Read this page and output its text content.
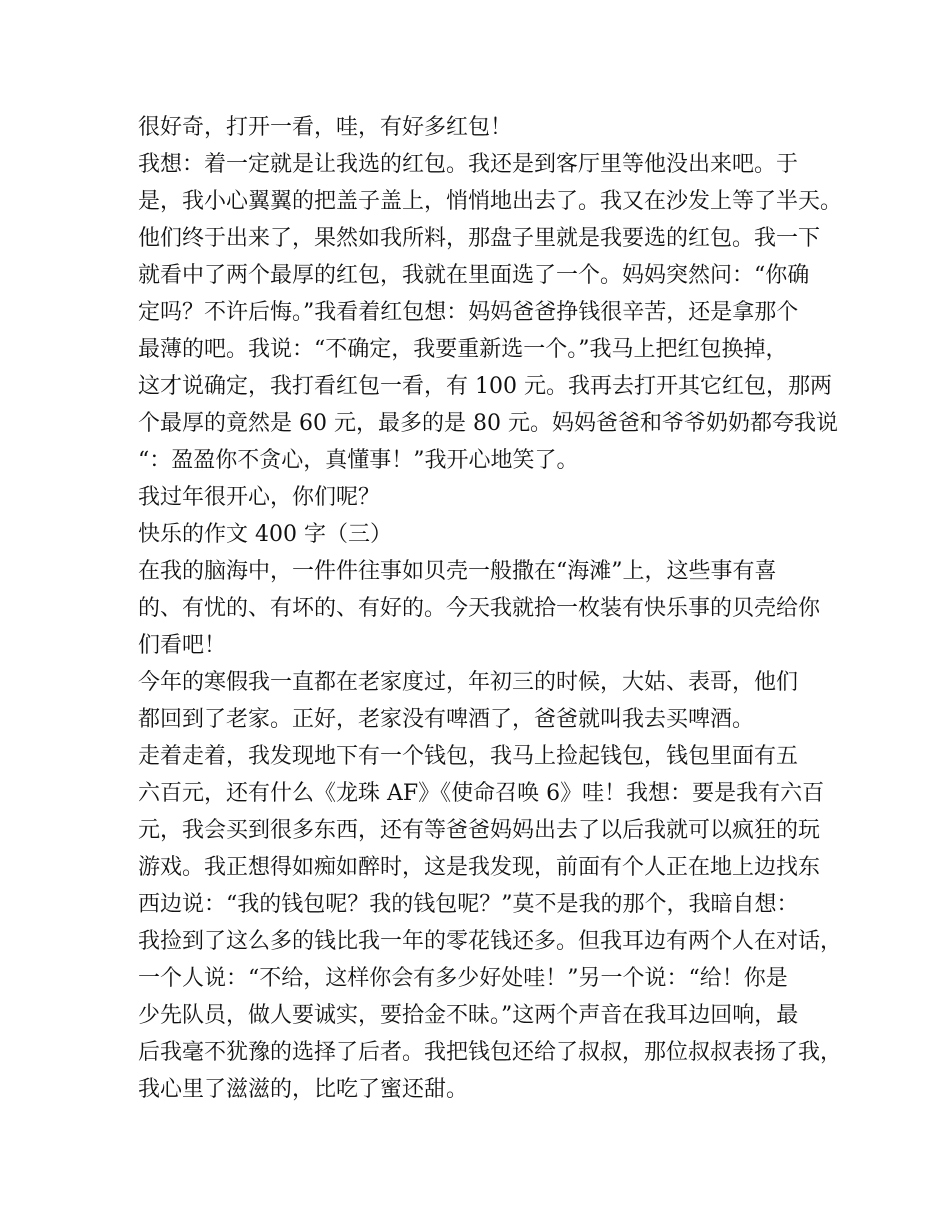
很好奇，打开一看，哇，有好多红包！
我想：着一定就是让我选的红包。我还是到客厅里等他没出来吧。于
是，我小心翼翼的把盖子盖上，悄悄地出去了。我又在沙发上等了半天。
他们终于出来了，果然如我所料，那盘子里就是我要选的红包。我一下
就看中了两个最厚的红包，我就在里面选了一个。妈妈突然问：“你确
定吗？不许后悔。”我看着红包想：妈妈爸爸挣钱很辛苦，还是拿那个
最薄的吧。我说：“不确定，我要重新选一个。”我马上把红包换掉，
这才说确定，我打看红包一看，有 100 元。我再去打开其它红包，那两
个最厚的竟然是 60 元，最多的是 80 元。妈妈爸爸和爷爷奶奶都夸我说
“：盈盈你不贪心，真懂事！”我开心地笑了。
我过年很开心，你们呢？
快乐的作文 400 字（三）
在我的脑海中，一件件往事如贝壳一般撒在“海滩”上，这些事有喜
的、有忧的、有坏的、有好的。今天我就拾一枚装有快乐事的贝壳给你
们看吧！
今年的寒假我一直都在老家度过，年初三的时候，大姑、表哥，他们
都回到了老家。正好，老家没有啤酒了，爸爸就叫我去买啤酒。
走着走着，我发现地下有一个钱包，我马上捡起钱包，钱包里面有五
六百元，还有什么《龙珠 AF》《使命召唤 6》哇！我想：要是我有六百
元，我会买到很多东西，还有等爸爸妈妈出去了以后我就可以疯狂的玩
游戏。我正想得如痴如醉时，这是我发现，前面有个人正在地上边找东
西边说：“我的钱包呢？我的钱包呢？”莫不是我的那个，我暗自想：
我捡到了这么多的钱比我一年的零花钱还多。但我耳边有两个人在对话，
一个人说：“不给，这样你会有多少好处哇！”另一个说：“给！你是
少先队员，做人要诚实，要拾金不昧。”这两个声音在我耳边回响，最
后我毫不犹豫的选择了后者。我把钱包还给了叔叔，那位叔叔表扬了我，
我心里了滋滋的，比吃了蜜还甜。
